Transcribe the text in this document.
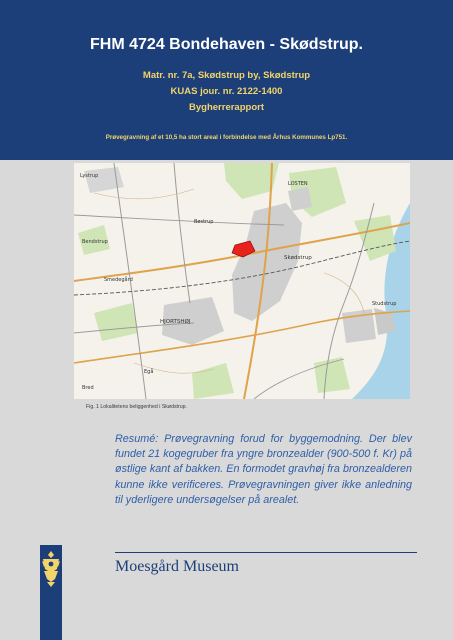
FHM 4724 Bondehaven - Skødstrup.
Matr. nr. 7a, Skødstrup by, Skødstrup
KUAS jour. nr. 2122-1400
Bygherrerapport
Prøvegravning af et 10,5 ha stort areal i forbindelse med Århus Kommunes Lp751.
Lystrup
Skødstrup
LOSTEN
Studstrup
HJORTSHØJ
Bendstrup
Bøstrup
Smedegård
Bred
Egå
Fig. 1 Lokalitetens beliggenhed i Skødstrup.
Resumé: Prøvegravning forud for byggemodning. Der blev fundet 21 kogegruber fra yngre bronzealder (900-500 f. Kr) på østlige kant af bakken. En formodet gravhøj fra bronzealderen kunne ikke verificeres. Prøvegravningen giver ikke anledning til yderligere undersøgelser på arealet.
Moesgård Museum
